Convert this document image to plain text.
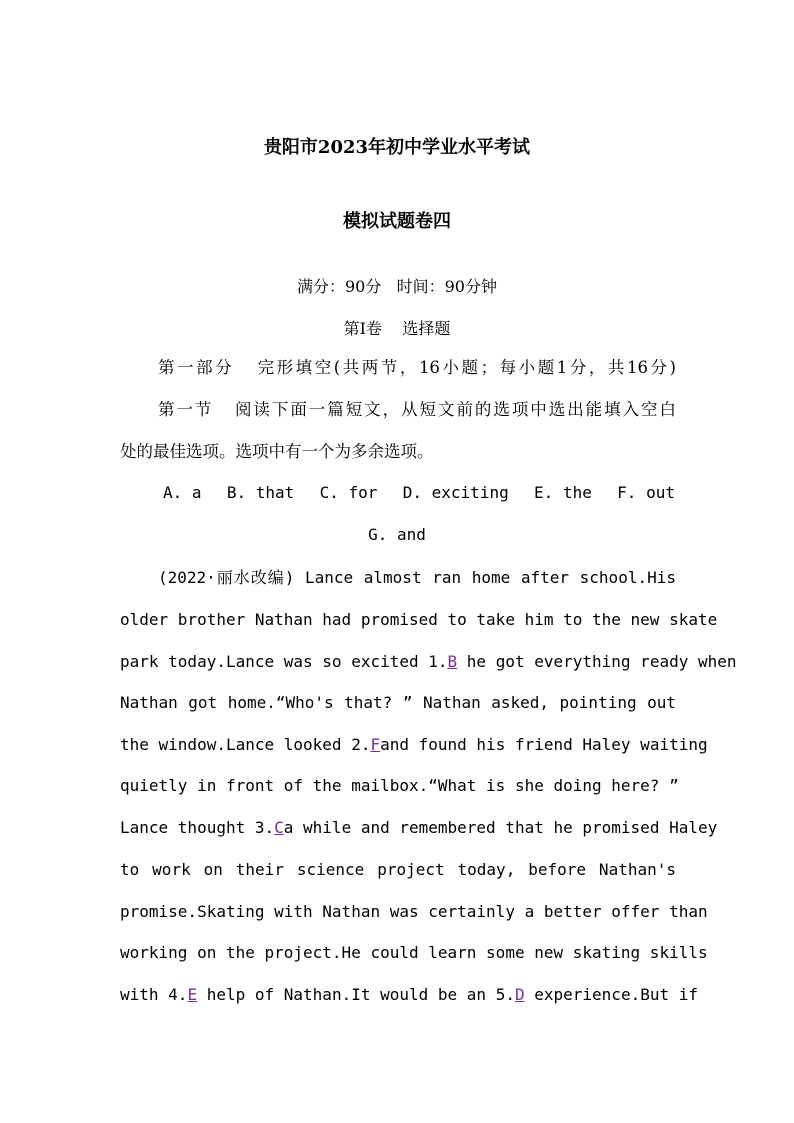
贵阳市2023年初中学业水平考试
模拟试题卷四
满分：90分   时间：90分钟
第Ⅰ卷    选择题
第一部分   完形填空(共两节，16小题；每小题1分，共16分)
第一节   阅读下面一篇短文，从短文前的选项中选出能填入空白
处的最佳选项。选项中有一个为多余选项。
A. a B. that C. for D. exciting E. the F. out
G. and
(2022·丽水改编) Lance almost ran home after school.His
older brother Nathan had promised to take him to the new skate
park today.Lance was so excited 1.B he got everything ready when
Nathan got home.“Who's that? ” Nathan asked, pointing out
the window.Lance looked 2.Fand found his friend Haley waiting
quietly in front of the mailbox.“What is she doing here? ”
Lance thought 3.Ca while and remembered that he promised Haley
to work on their science project today, before Nathan's
promise.Skating with Nathan was certainly a better offer than
working on the project.He could learn some new skating skills
with 4.E help of Nathan.It would be an 5.D experience.But if
